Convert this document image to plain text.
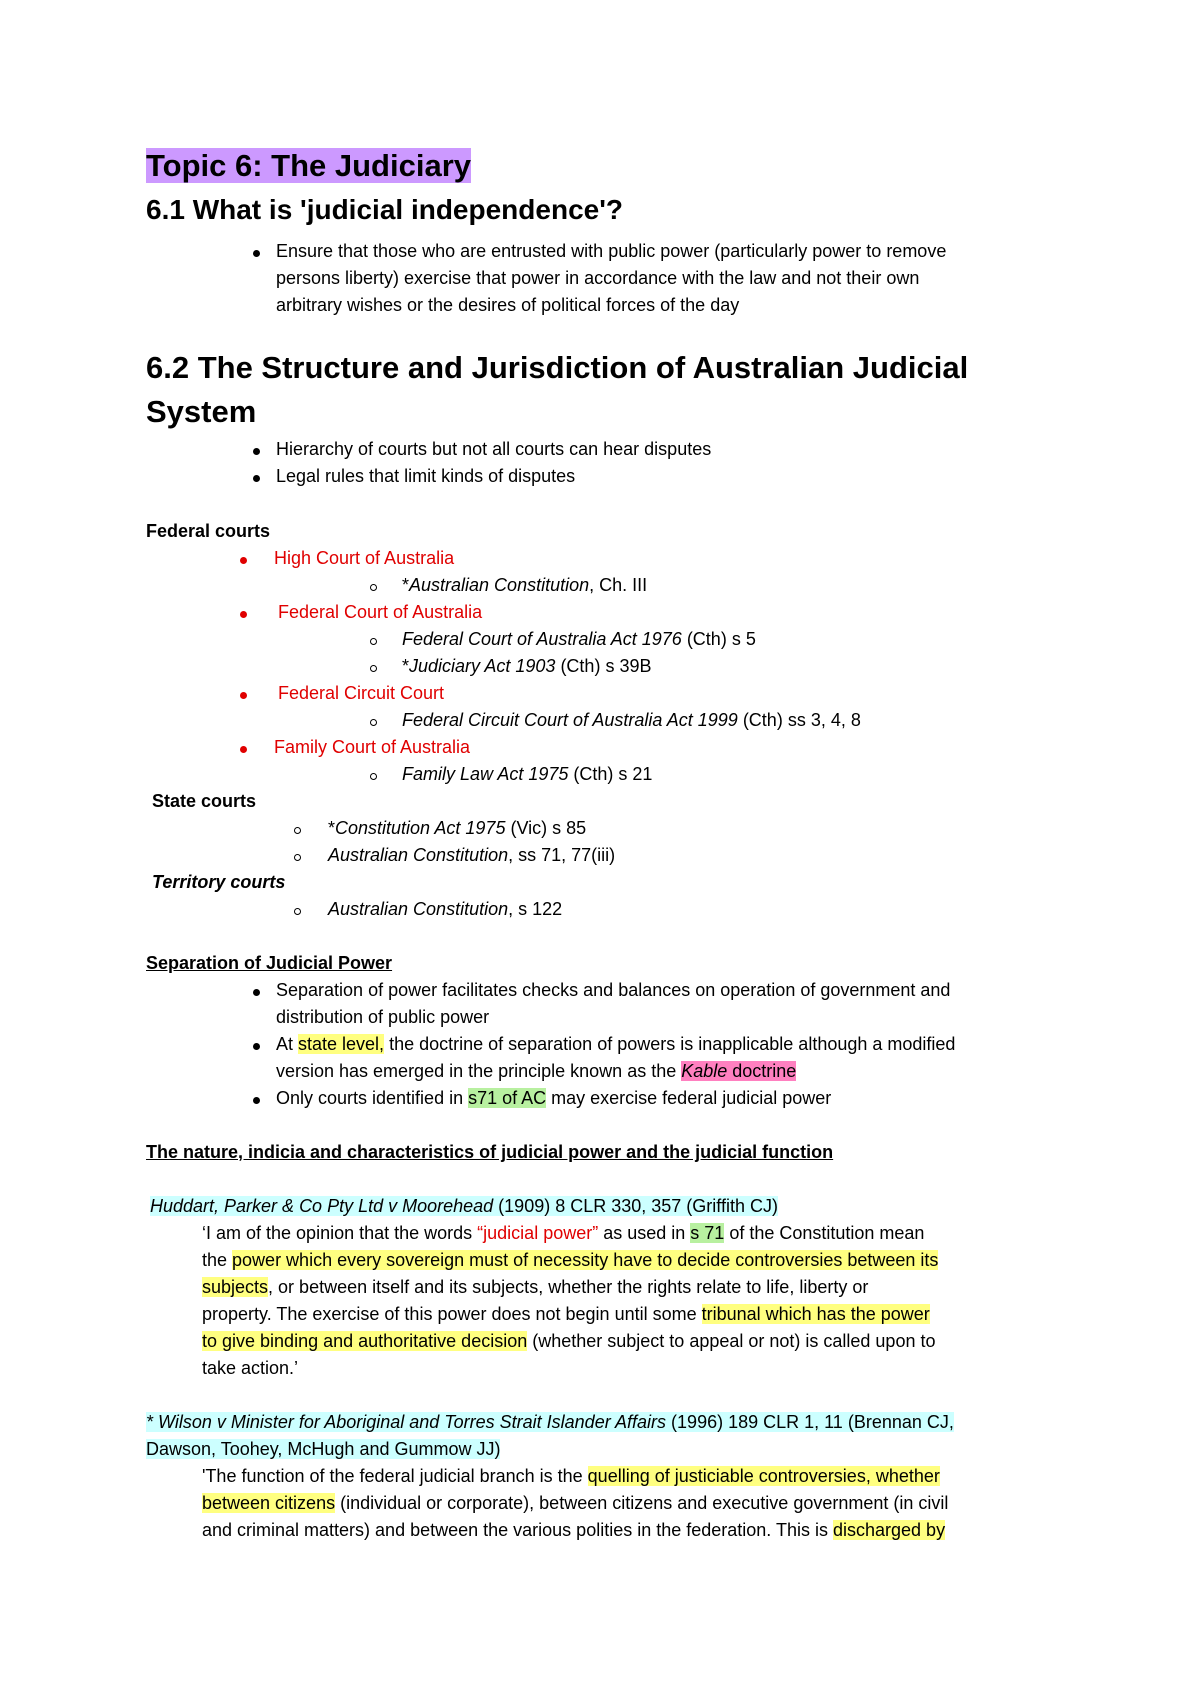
Topic 6: The Judiciary
6.1 What is 'judicial independence'?
Ensure that those who are entrusted with public power (particularly power to remove
persons liberty) exercise that power in accordance with the law and not their own
arbitrary wishes or the desires of political forces of the day
6.2 The Structure and Jurisdiction of Australian Judicial
System
Hierarchy of courts but not all courts can hear disputes
Legal rules that limit kinds of disputes
Federal courts
High Court of Australia
*Australian Constitution, Ch. III
Federal Court of Australia
Federal Court of Australia Act 1976 (Cth) s 5
*Judiciary Act 1903 (Cth) s 39B
Federal Circuit Court
Federal Circuit Court of Australia Act 1999 (Cth) ss 3, 4, 8
Family Court of Australia
Family Law Act 1975 (Cth) s 21
State courts
*Constitution Act 1975 (Vic) s 85
Australian Constitution, ss 71, 77(iii)
Territory courts
Australian Constitution, s 122
Separation of Judicial Power
Separation of power facilitates checks and balances on operation of government and
distribution of public power
At state level, the doctrine of separation of powers is inapplicable although a modified
version has emerged in the principle known as the Kable doctrine
Only courts identified in s71 of AC may exercise federal judicial power
The nature, indicia and characteristics of judicial power and the judicial function
Huddart, Parker & Co Pty Ltd v Moorehead (1909) 8 CLR 330, 357 (Griffith CJ)
‘I am of the opinion that the words “judicial power” as used in s 71 of the Constitution mean
the power which every sovereign must of necessity have to decide controversies between its
subjects, or between itself and its subjects, whether the rights relate to life, liberty or
property. The exercise of this power does not begin until some tribunal which has the power
to give binding and authoritative decision (whether subject to appeal or not) is called upon to
take action.’
* Wilson v Minister for Aboriginal and Torres Strait Islander Affairs (1996) 189 CLR 1, 11 (Brennan CJ,
Dawson, Toohey, McHugh and Gummow JJ)
'The function of the federal judicial branch is the quelling of justiciable controversies, whether
between citizens (individual or corporate), between citizens and executive government (in civil
and criminal matters) and between the various polities in the federation. This is discharged by
